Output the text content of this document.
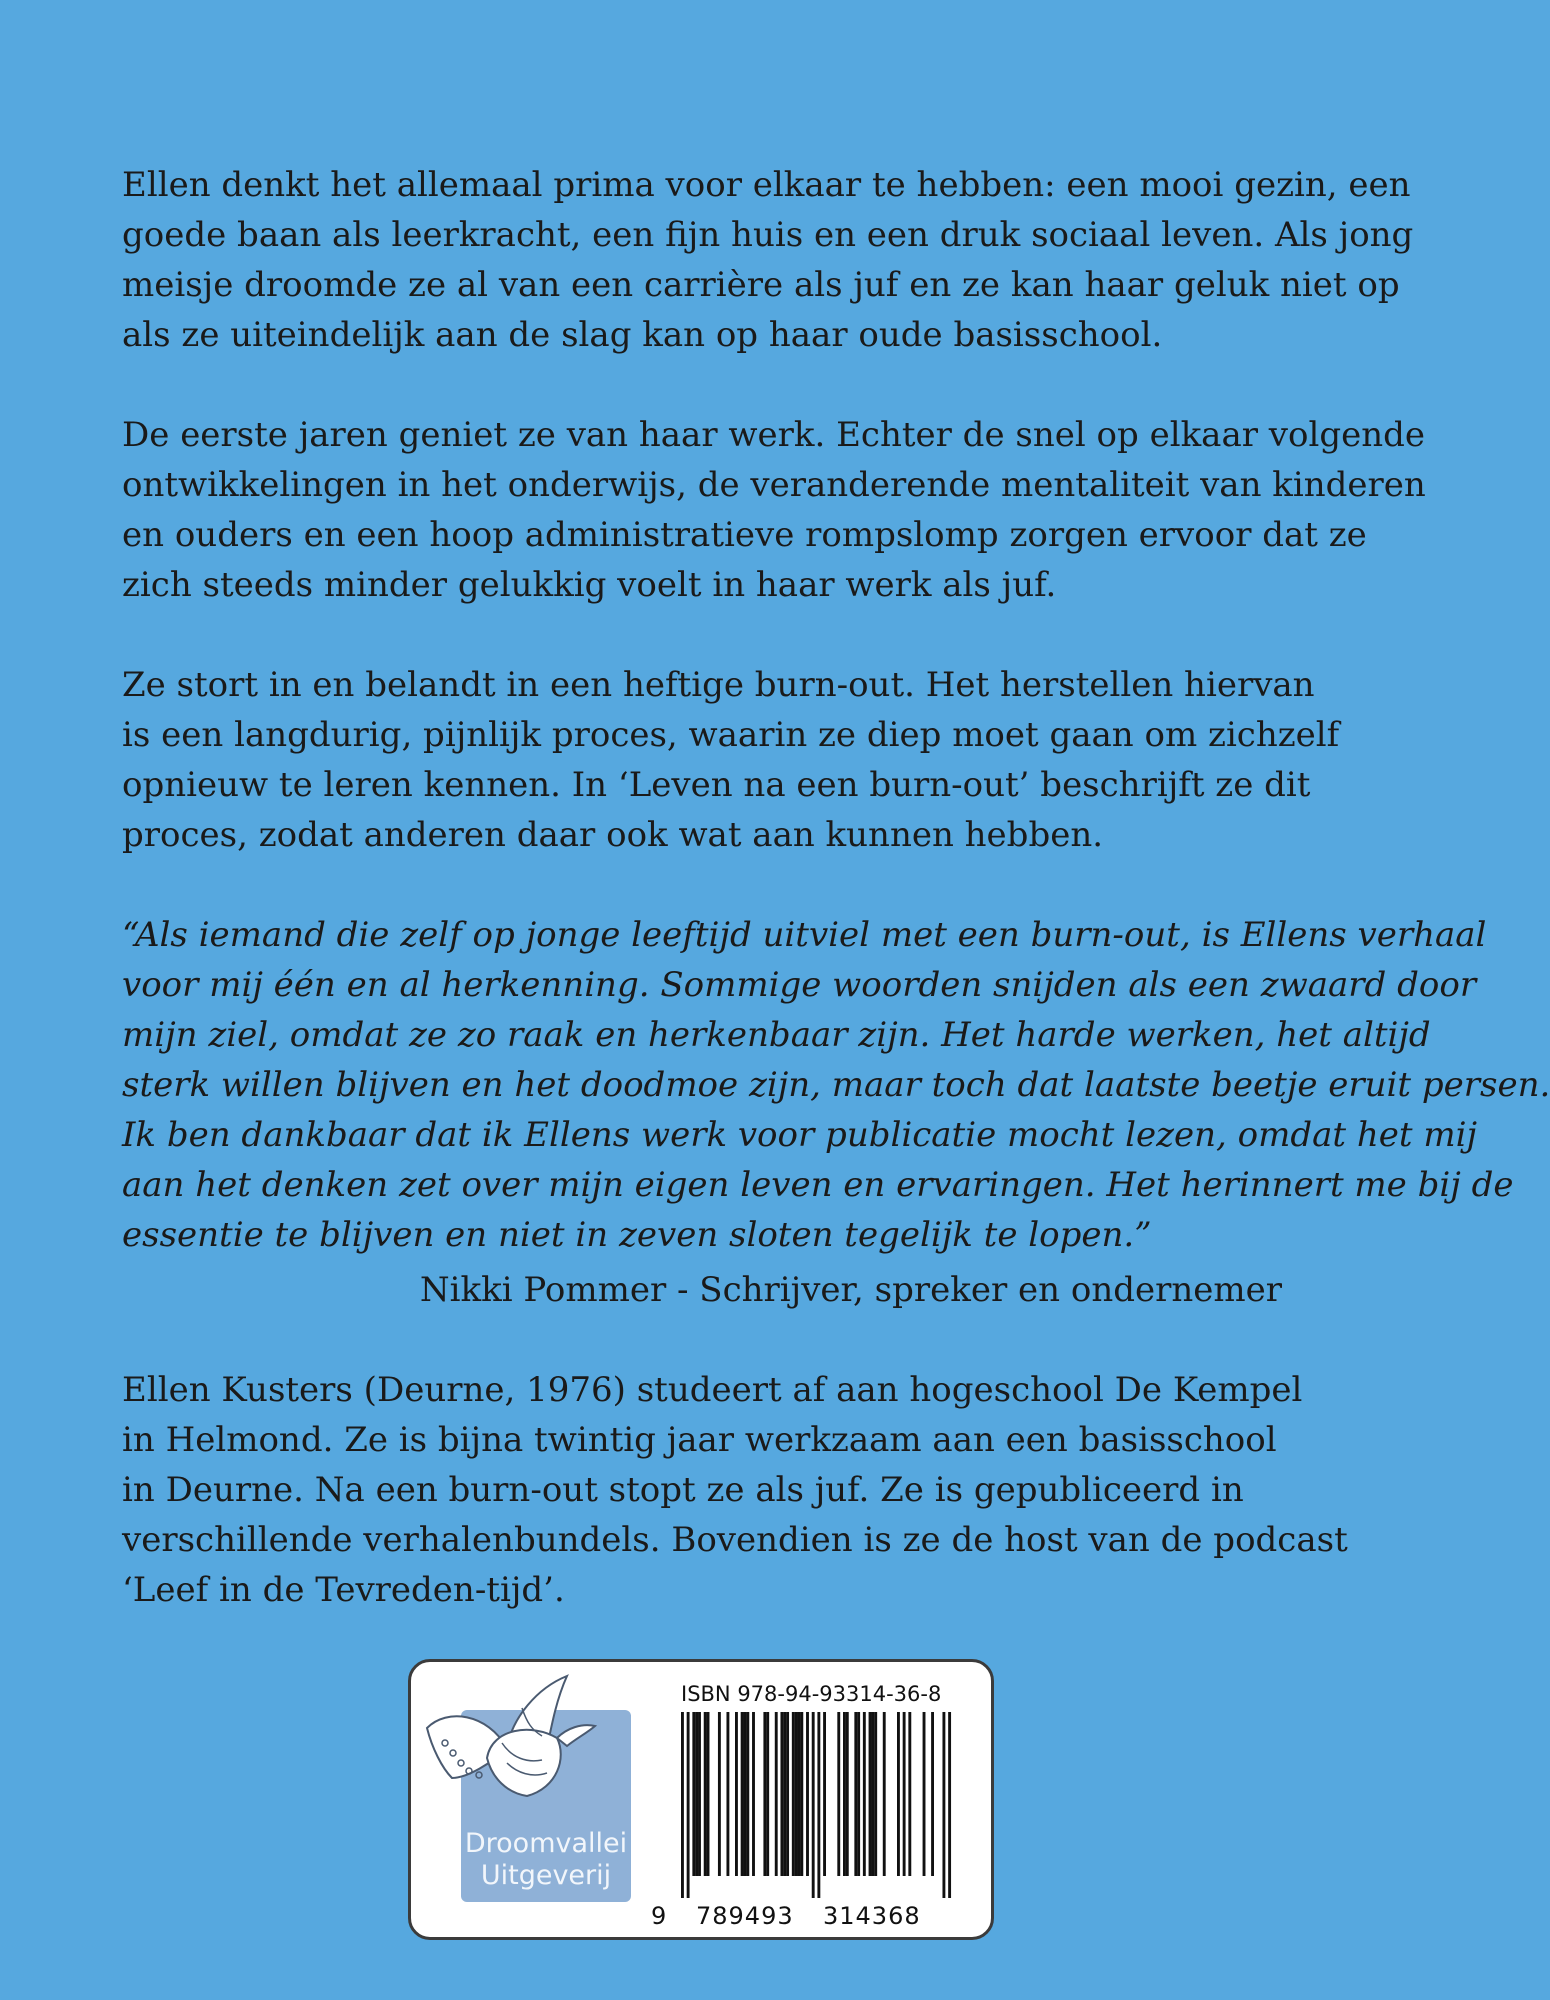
Ellen denkt het allemaal prima voor elkaar te hebben: een mooi gezin, een
goede baan als leerkracht, een fijn huis en een druk sociaal leven. Als jong
meisje droomde ze al van een carrière als juf en ze kan haar geluk niet op
als ze uiteindelijk aan de slag kan op haar oude basisschool.
De eerste jaren geniet ze van haar werk. Echter de snel op elkaar volgende
ontwikkelingen in het onderwijs, de veranderende mentaliteit van kinderen
en ouders en een hoop administratieve rompslomp zorgen ervoor dat ze
zich steeds minder gelukkig voelt in haar werk als juf.
Ze stort in en belandt in een heftige burn-out. Het herstellen hiervan
is een langdurig, pijnlijk proces, waarin ze diep moet gaan om zichzelf
opnieuw te leren kennen. In ‘Leven na een burn-out’ beschrijft ze dit
proces, zodat anderen daar ook wat aan kunnen hebben.
“Als iemand die zelf op jonge leeftijd uitviel met een burn-out, is Ellens verhaal
voor mij één en al herkenning. Sommige woorden snijden als een zwaard door
mijn ziel, omdat ze zo raak en herkenbaar zijn. Het harde werken, het altijd
sterk willen blijven en het doodmoe zijn, maar toch dat laatste beetje eruit persen.
Ik ben dankbaar dat ik Ellens werk voor publicatie mocht lezen, omdat het mij
aan het denken zet over mijn eigen leven en ervaringen. Het herinnert me bij de
essentie te blijven en niet in zeven sloten tegelijk te lopen.”
Nikki Pommer - Schrijver, spreker en ondernemer
Ellen Kusters (Deurne, 1976) studeert af aan hogeschool De Kempel
in Helmond. Ze is bijna twintig jaar werkzaam aan een basisschool
in Deurne. Na een burn-out stopt ze als juf. Ze is gepubliceerd in
verschillende verhalenbundels. Bovendien is ze de host van de podcast
‘Leef in de Tevreden-tijd’.
Droomvallei
Uitgeverij
ISBN 978-94-93314-36-8
9 789493 314368
